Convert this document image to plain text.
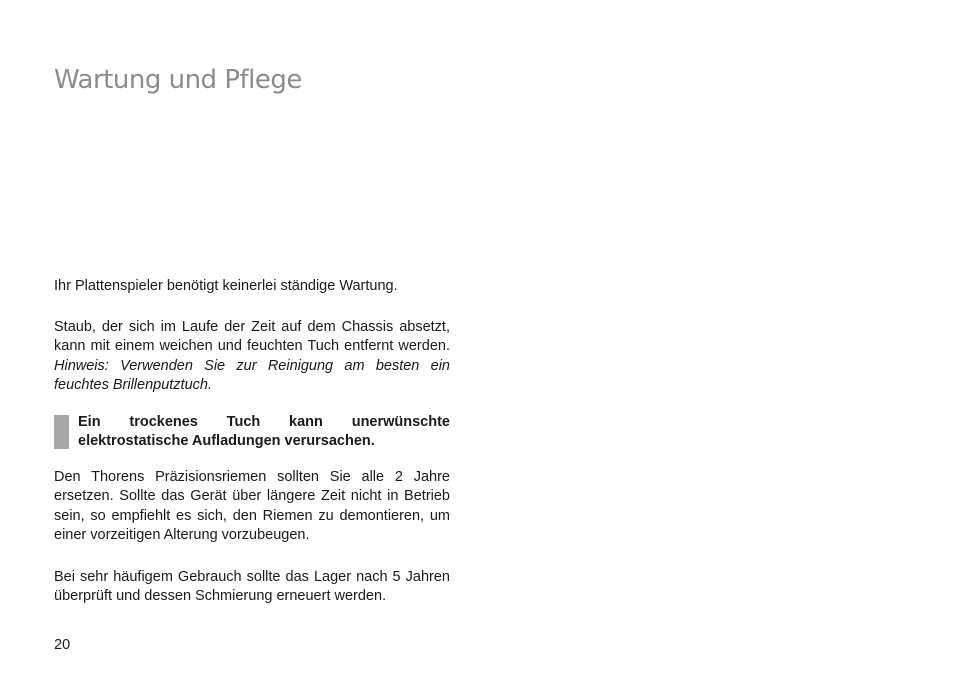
Wartung und Pflege

Ihr Plattenspieler benötigt keinerlei ständige Wartung.

Staub, der sich im Laufe der Zeit auf dem Chassis absetzt, kann mit einem weichen und feuchten Tuch entfernt werden. Hinweis: Verwenden Sie zur Reinigung am besten ein feuchtes Brillenputztuch.

Ein trockenes Tuch kann unerwünschte elektrostatische Aufladungen verursachen.

Den Thorens Präzisionsriemen sollten Sie alle 2 Jahre ersetzen. Sollte das Gerät über längere Zeit nicht in Betrieb sein, so empfiehlt es sich, den Riemen zu demontieren, um einer vorzeitigen Alterung vorzubeugen.

Bei sehr häufigem Gebrauch sollte das Lager nach 5 Jahren überprüft und dessen Schmierung erneuert werden.

20
